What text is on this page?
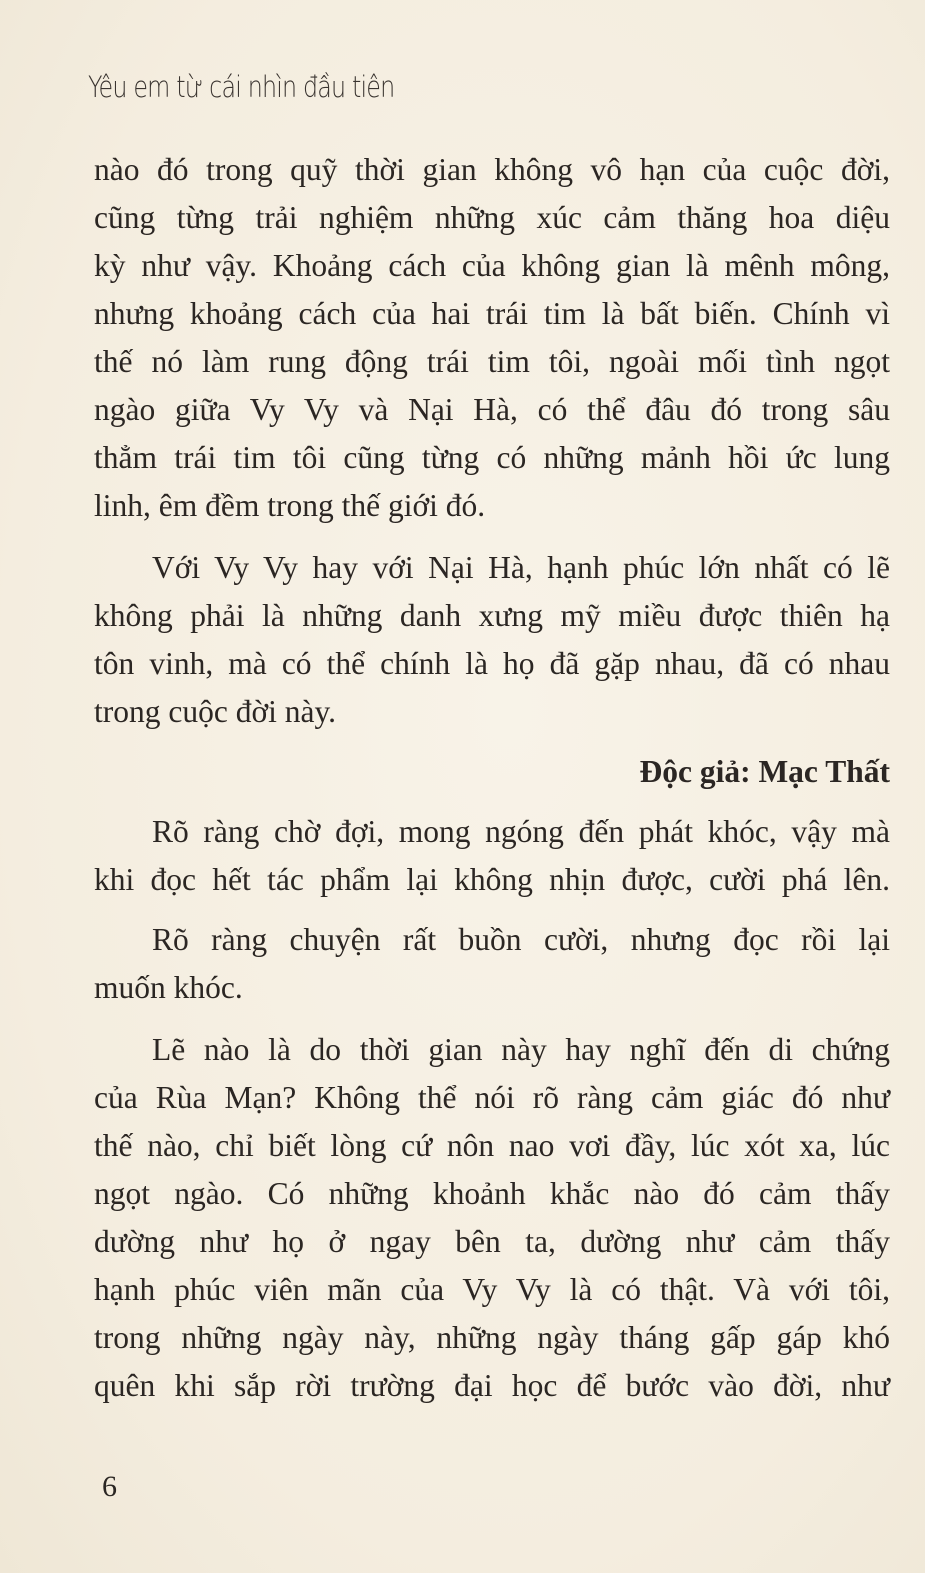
Yêu em từ cái nhìn đầu tiên
nào đó trong quỹ thời gian không vô hạn của cuộc đời,
cũng từng trải nghiệm những xúc cảm thăng hoa diệu
kỳ như vậy. Khoảng cách của không gian là mênh mông,
nhưng khoảng cách của hai trái tim là bất biến. Chính vì
thế nó làm rung động trái tim tôi, ngoài mối tình ngọt
ngào giữa Vy Vy và Nại Hà, có thể đâu đó trong sâu
thẳm trái tim tôi cũng từng có những mảnh hồi ức lung
linh, êm đềm trong thế giới đó.
Với Vy Vy hay với Nại Hà, hạnh phúc lớn nhất có lẽ
không phải là những danh xưng mỹ miều được thiên hạ
tôn vinh, mà có thể chính là họ đã gặp nhau, đã có nhau
trong cuộc đời này.
Độc giả: Mạc Thất
Rõ ràng chờ đợi, mong ngóng đến phát khóc, vậy mà
khi đọc hết tác phẩm lại không nhịn được, cười phá lên.
Rõ ràng chuyện rất buồn cười, nhưng đọc rồi lại
muốn khóc.
Lẽ nào là do thời gian này hay nghĩ đến di chứng
của Rùa Mạn? Không thể nói rõ ràng cảm giác đó như
thế nào, chỉ biết lòng cứ nôn nao vơi đầy, lúc xót xa, lúc
ngọt ngào. Có những khoảnh khắc nào đó cảm thấy
dường như họ ở ngay bên ta, dường như cảm thấy
hạnh phúc viên mãn của Vy Vy là có thật. Và với tôi,
trong những ngày này, những ngày tháng gấp gáp khó
quên khi sắp rời trường đại học để bước vào đời, như
6
